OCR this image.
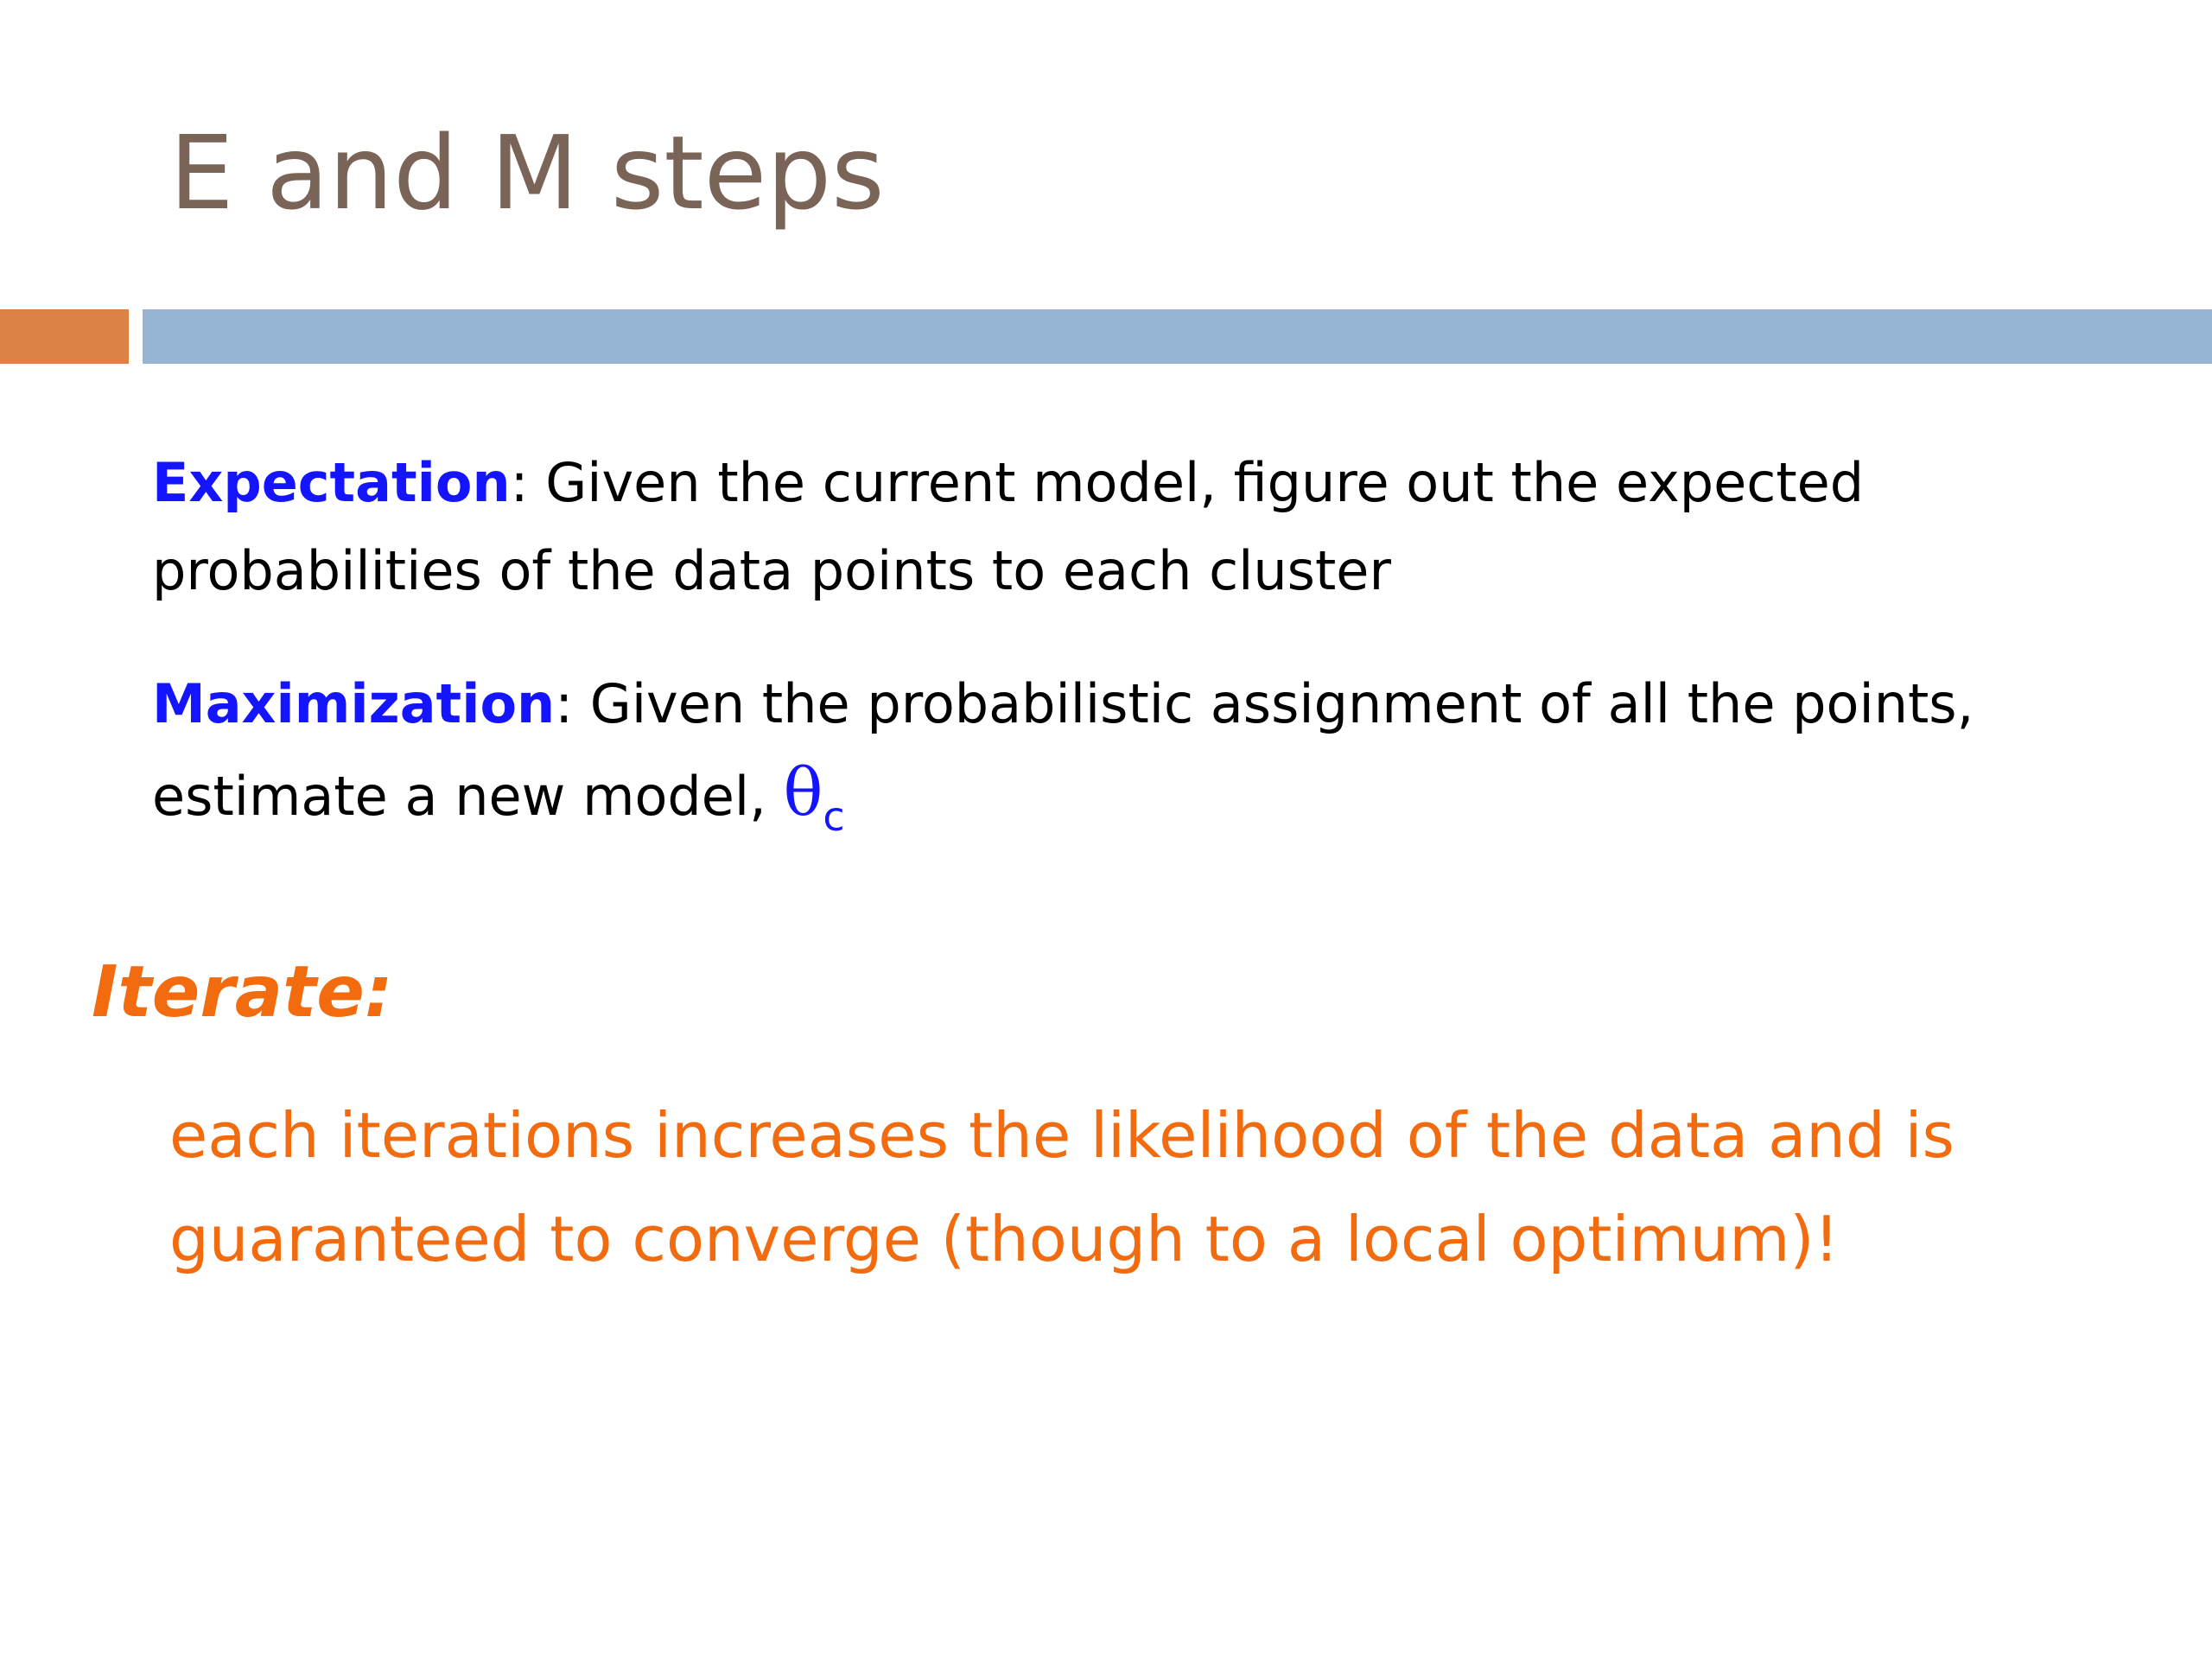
E and M steps

Expectation: Given the current model, figure out the expected probabilities of the data points to each cluster

Maximization: Given the probabilistic assignment of all the points, estimate a new model, $\theta_c$

Iterate:

each iterations increases the likelihood of the data and is guaranteed to converge (though to a local optimum)!
